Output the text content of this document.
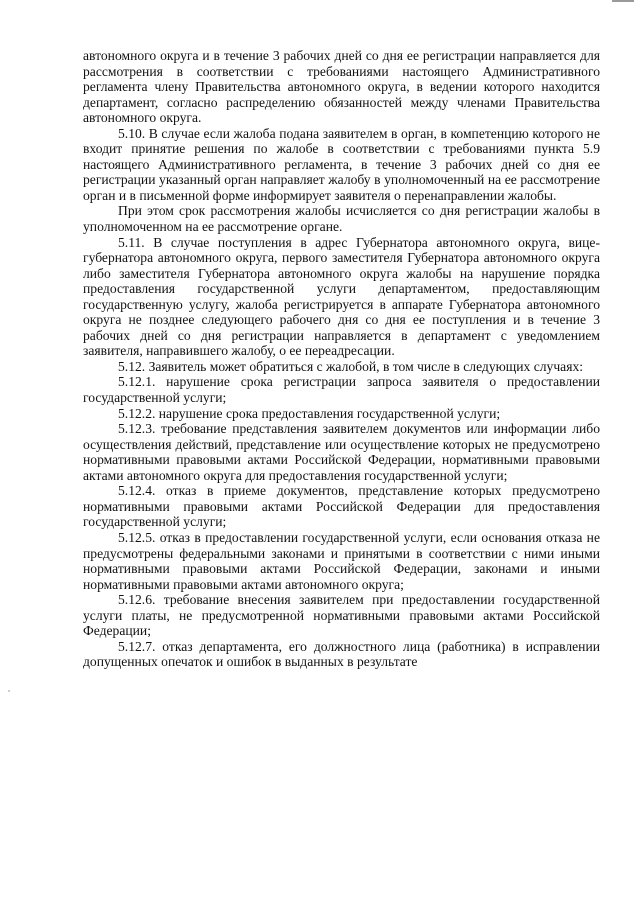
автономного округа и в течение 3 рабочих дней со дня ее регистрации направляется для рассмотрения в соответствии с требованиями настоящего Административного регламента члену Правительства автономного округа, в ведении которого находится департамент, согласно распределению обязанностей между членами Правительства автономного округа.

5.10. В случае если жалоба подана заявителем в орган, в компетенцию которого не входит принятие решения по жалобе в соответствии с требованиями пункта 5.9 настоящего Административного регламента, в течение 3 рабочих дней со дня ее регистрации указанный орган направляет жалобу в уполномоченный на ее рассмотрение орган и в письменной форме информирует заявителя о перенаправлении жалобы.

При этом срок рассмотрения жалобы исчисляется со дня регистрации жалобы в уполномоченном на ее рассмотрение органе.

5.11. В случае поступления в адрес Губернатора автономного округа, вице-губернатора автономного округа, первого заместителя Губернатора автономного округа либо заместителя Губернатора автономного округа жалобы на нарушение порядка предоставления государственной услуги департаментом, предоставляющим государственную услугу, жалоба регистрируется в аппарате Губернатора автономного округа не позднее следующего рабочего дня со дня ее поступления и в течение 3 рабочих дней со дня регистрации направляется в департамент с уведомлением заявителя, направившего жалобу, о ее переадресации.

5.12. Заявитель может обратиться с жалобой, в том числе в следующих случаях:

5.12.1. нарушение срока регистрации запроса заявителя о предоставлении государственной услуги;

5.12.2. нарушение срока предоставления государственной услуги;

5.12.3. требование представления заявителем документов или информации либо осуществления действий, представление или осуществление которых не предусмотрено нормативными правовыми актами Российской Федерации, нормативными правовыми актами автономного округа для предоставления государственной услуги;

5.12.4. отказ в приеме документов, представление которых предусмотрено нормативными правовыми актами Российской Федерации для предоставления государственной услуги;

5.12.5. отказ в предоставлении государственной услуги, если основания отказа не предусмотрены федеральными законами и принятыми в соответствии с ними иными нормативными правовыми актами Российской Федерации, законами и иными нормативными правовыми актами автономного округа;

5.12.6. требование внесения заявителем при предоставлении государственной услуги платы, не предусмотренной нормативными правовыми актами Российской Федерации;

5.12.7. отказ департамента, его должностного лица (работника) в исправлении допущенных опечаток и ошибок в выданных в результате
